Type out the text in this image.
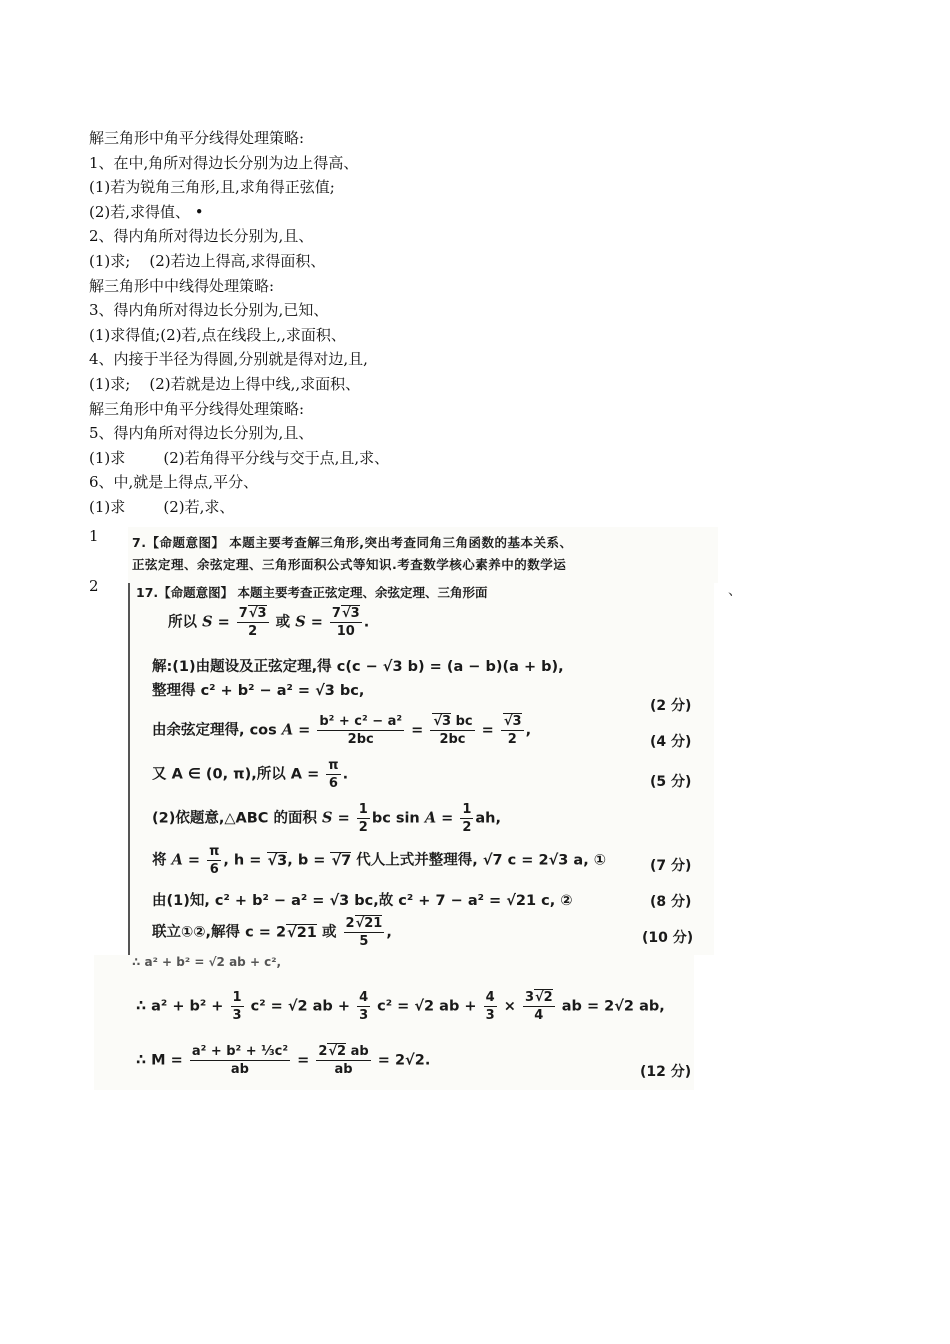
解三角形中角平分线得处理策略:
1、在中,角所对得边长分别为边上得高、
(1)若为锐角三角形,且,求角得正弦值;
(2)若,求得值、 •
2、得内角所对得边长分别为,且、
(1)求;    (2)若边上得高,求得面积、
解三角形中中线得处理策略:
3、得内角所对得边长分别为,已知、
(1)求得值;(2)若,点在线段上,,求面积、
4、内接于半径为得圆,分别就是得对边,且,
(1)求;    (2)若就是边上得中线,,求面积、
解三角形中角平分线得处理策略:
5、得内角所对得边长分别为,且、
(1)求        (2)若角得平分线与交于点,且,求、
6、中,就是上得点,平分、
(1)求        (2)若,求、
1
2	、
7.【命题意图】 本题主要考查解三角形,突出考查同角三角函数的基本关系、
正弦定理、余弦定理、三角形面积公式等知识.考查数学核心素养中的数学运
17.【命题意图】 本题主要考查正弦定理、余弦定理、三角形面
所以 $S = \frac{7√3}{2}$ 或 $S = \frac{7√3}{10}$ .
解:(1)由题设及正弦定理,得 c(c − √3 b) = (a − b)(a + b),
整理得 c² + b² − a² = √3 bc,
(2 分)
由余弦定理得, $\cos A = \frac{\text{b² + c² − a²}}{2bc} = \frac{√3 bc}{2bc} = \frac{√3}{2}$ ,
(4 分)
又 A ∈ (0, π),所以 $A = \frac{\pi}{6}$ .	(5 分)
(2)依题意,△ABC 的面积 $S = \frac{1}{2}$ bc $\sin A = \frac{1}{2}$ ah,
将 $A = \frac{\pi}{6}$ , h = √3, b = √7 代人上式并整理得, √7 c = 2√3 a, ①	(7 分)
由(1)知, c² + b² − a² = √3 bc,故 c² + 7 − a² = √21 c, ②	(8 分)
联立①②,解得 c = 2√21 或 $\frac{2√21}{5}$ ,	(10 分)
∴ a² + b² = √2 ab + c²,
∴ $a^2 + b^2 + \frac{1}{3} c^2 = √2$ ab + $\frac{4}{3} c^2 = √2$ ab + $\frac{4}{3} \times \frac{3√2}{4}$ ab = 2√2 ab,
∴ $M = \frac{\text{a² + b² + ⅓c²}}{ab} = \frac{2√2 ab}{ab} = 2√2$.
(12 分)
